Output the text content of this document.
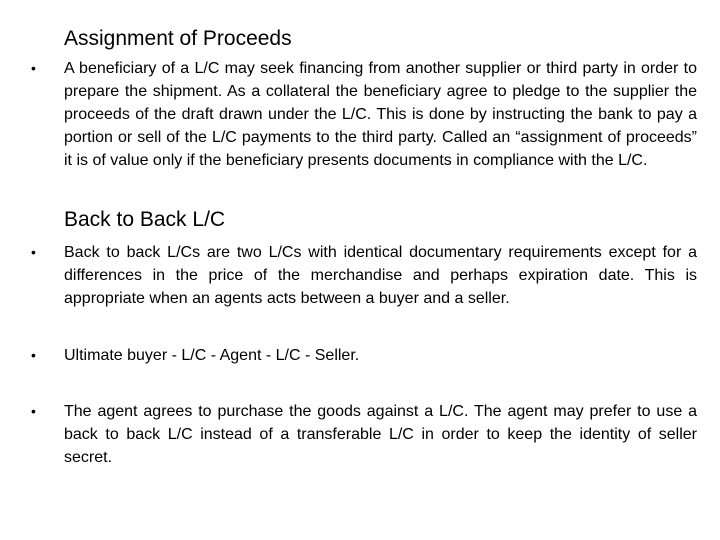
Assignment of Proceeds
• A beneficiary of a L/C may seek financing from another supplier or third party in order to prepare the shipment. As a collateral the beneficiary agree to pledge to the supplier the proceeds of the draft drawn under the L/C. This is done by instructing the bank to pay a portion or sell of the L/C payments to the third party. Called an “assignment of proceeds” it is of value only if the beneficiary presents documents in compliance with the L/C.

Back to Back L/C
• Back to back L/Cs are two L/Cs with identical documentary requirements except for a differences in the price of the merchandise and perhaps expiration date. This is appropriate when an agents acts between a buyer and a seller.

• Ultimate buyer - L/C - Agent - L/C - Seller.

• The agent agrees to purchase the goods against a L/C. The agent may prefer to use a back to back L/C instead of a transferable L/C in order to keep the identity of seller secret.
